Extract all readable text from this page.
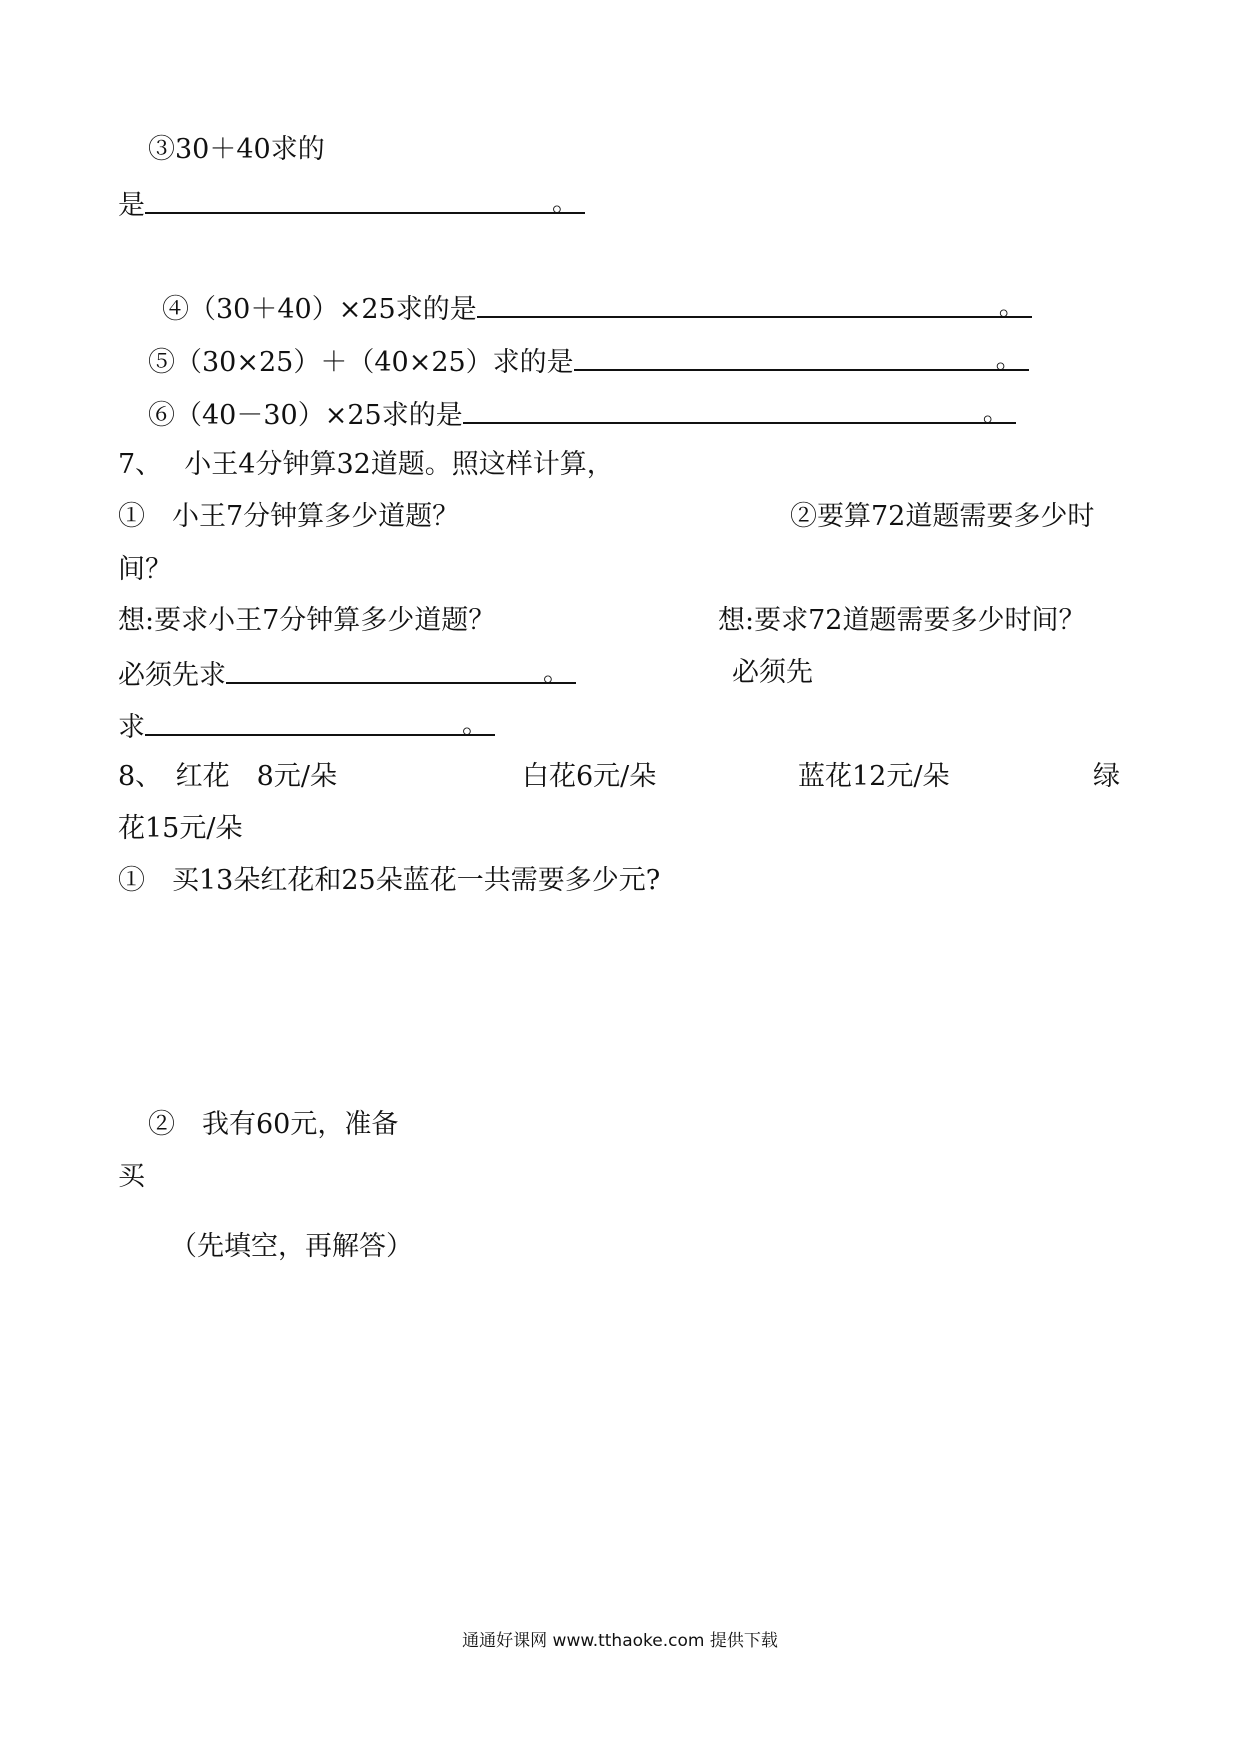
③30＋40求的
是	。
④（30＋40）×25求的是	。
⑤（30×25）＋（40×25）求的是	。
⑥（40－30）×25求的是	。
7、　 小王4分钟算32道题。照这样计算，
①　小王7分钟算多少道题？	②要算72道题需要多少时
间？
想:要求小王7分钟算多少道题？	想:要求72道题需要多少时间？
必须先求	。	必须先
求	。
8、　红花　8元/朵	白花6元/朵	蓝花12元/朵	绿
花15元/朵
①　买13朵红花和25朵蓝花一共需要多少元?
②　我有60元，准备
买
（先填空，再解答）
通通好课网 www.tthaoke.com 提供下载
